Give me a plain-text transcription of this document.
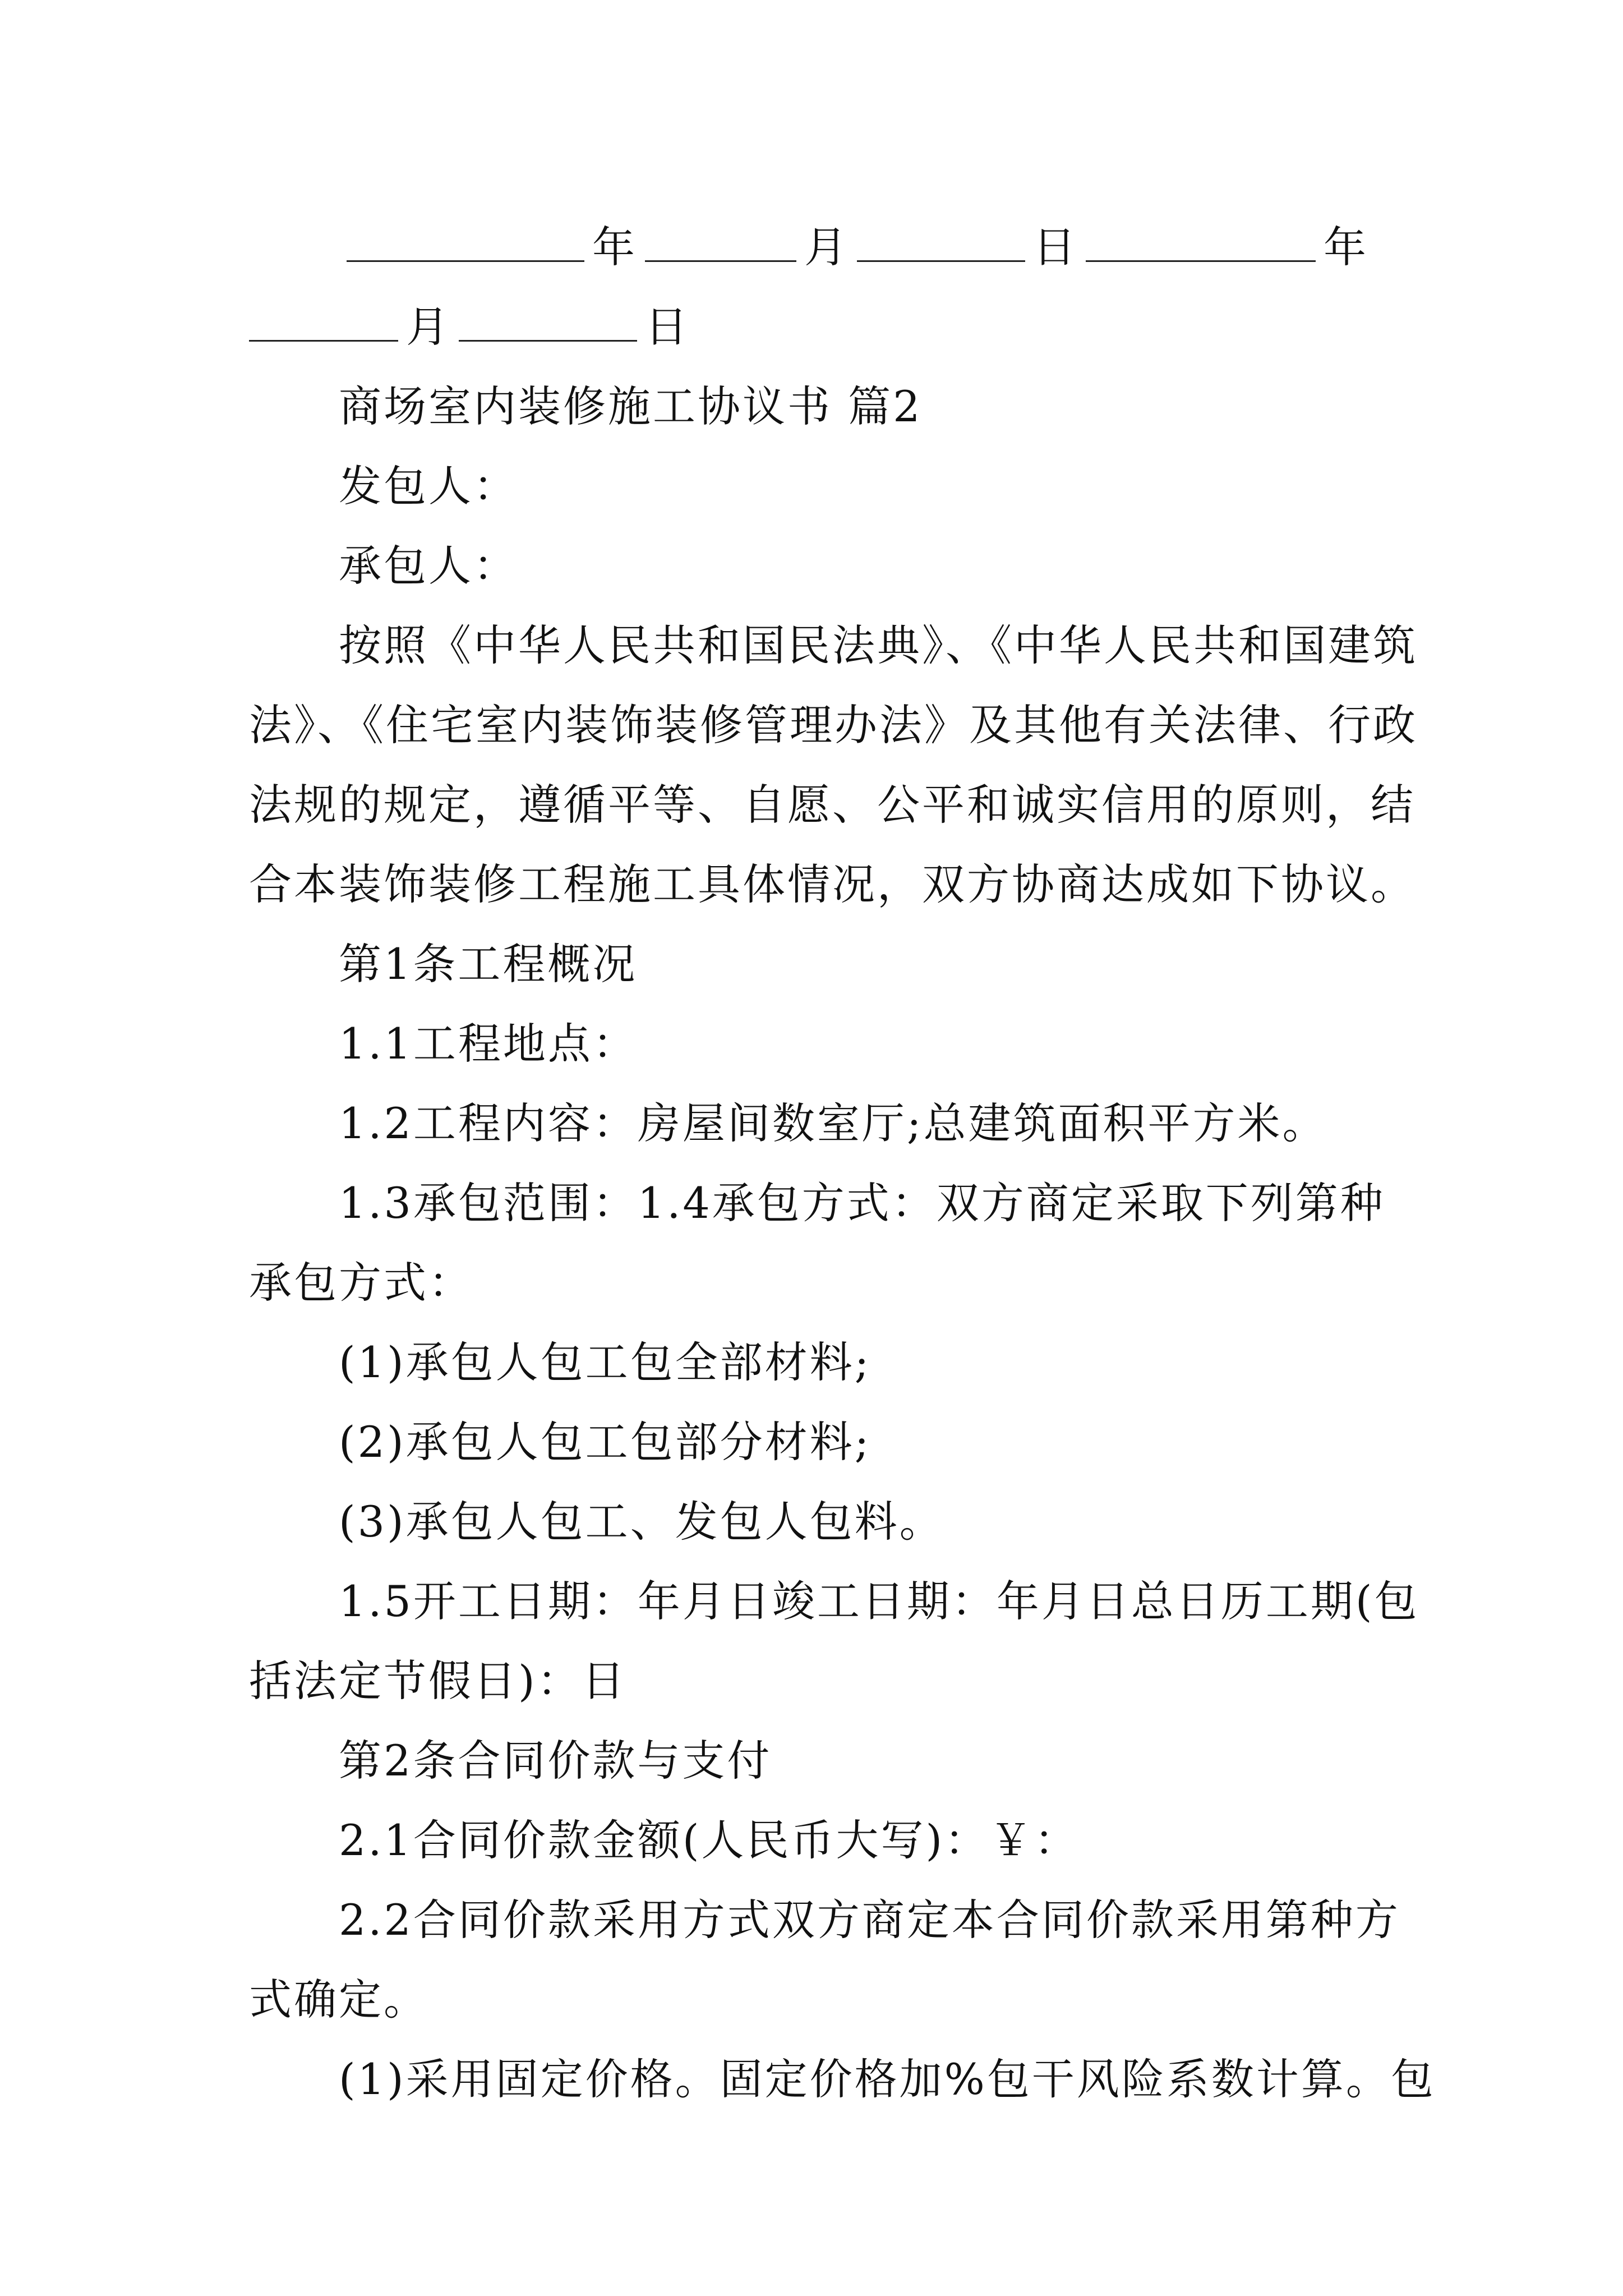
年	月	日	年
月	日
商场室内装修施工协议书 篇2
发包人：
承包人：
按照《中华人民共和国民法典》、《中华人民共和国建筑
法》、《住宅室内装饰装修管理办法》及其他有关法律、行政
法规的规定，遵循平等、自愿、公平和诚实信用的原则，结
合本装饰装修工程施工具体情况，双方协商达成如下协议。
第1条工程概况
1.1工程地点：
1.2工程内容：房屋间数室厅;总建筑面积平方米。
1.3承包范围：1.4承包方式：双方商定采取下列第种
承包方式：
(1)承包人包工包全部材料;
(2)承包人包工包部分材料;
(3)承包人包工、发包人包料。
1.5开工日期：年月日竣工日期：年月日总日历工期(包
括法定节假日)：日
第2条合同价款与支付
2.1合同价款金额(人民币大写)：￥：
2.2合同价款采用方式双方商定本合同价款采用第种方
式确定。
(1)采用固定价格。固定价格加%包干风险系数计算。包
